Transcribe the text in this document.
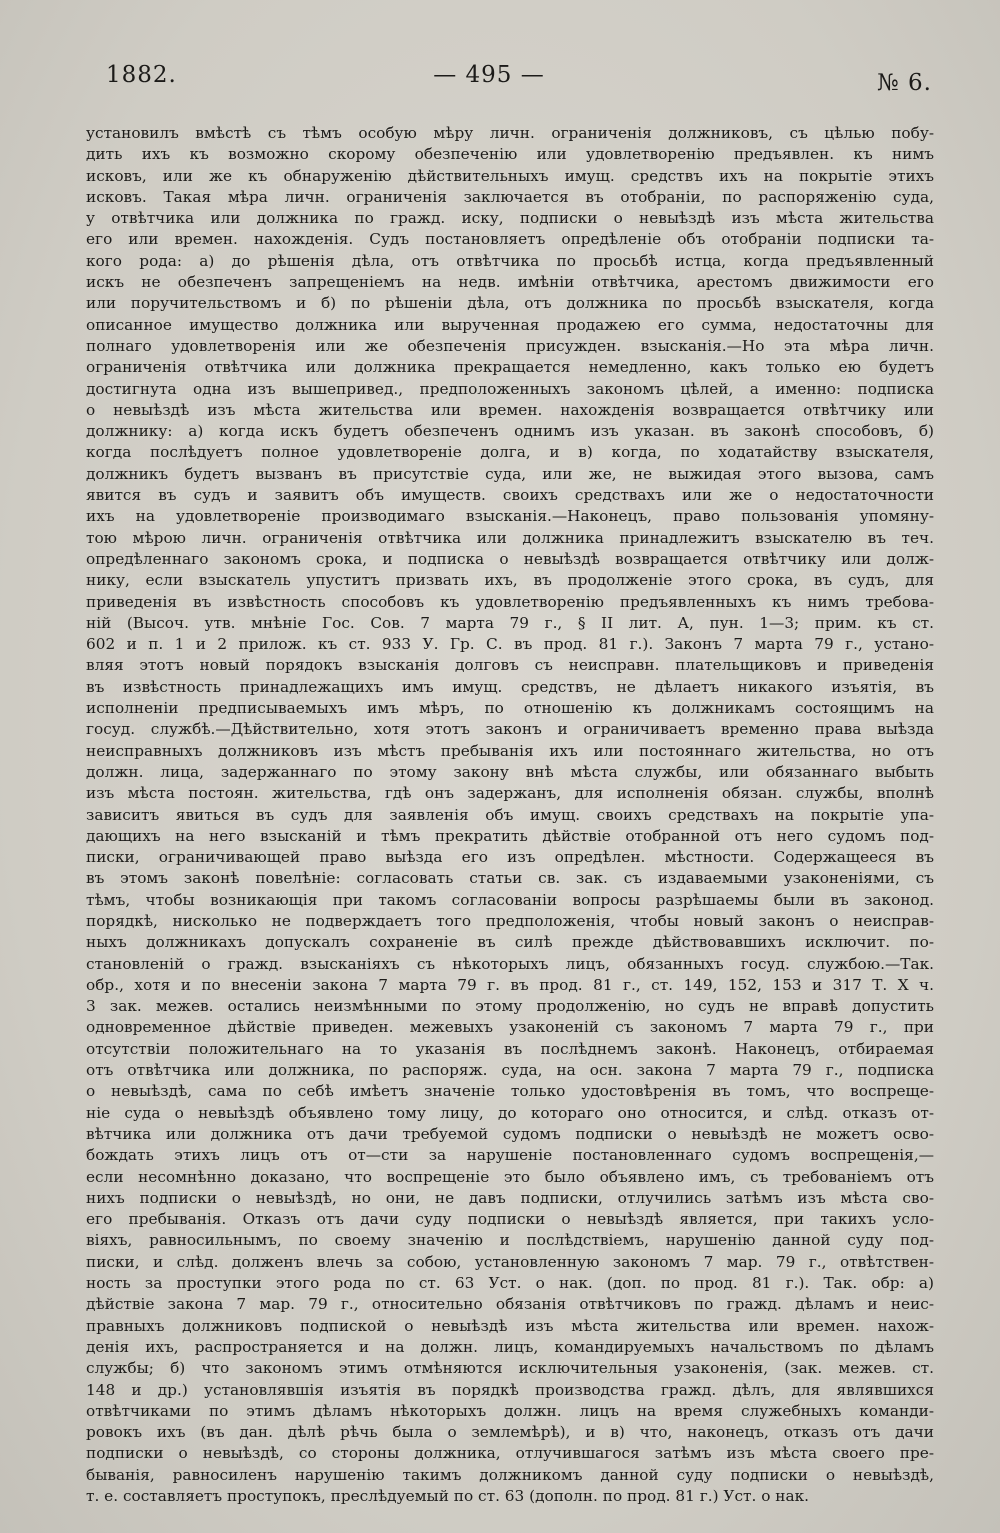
1882.	— 495 —	№ 6.
установилъ вмѣстѣ съ тѣмъ особую мѣру личн. ограниченія должниковъ, съ цѣлью побу-
дить ихъ къ возможно скорому обезпеченію или удовлетворенію предъявлен. къ нимъ
исковъ, или же къ обнаруженію дѣйствительныхъ имущ. средствъ ихъ на покрытіе этихъ
исковъ. Такая мѣра личн. ограниченія заключается въ отобраніи, по распоряженію суда,
у отвѣтчика или должника по гражд. иску, подписки о невыѣздѣ изъ мѣста жительства
его или времен. нахожденія. Судъ постановляетъ опредѣленіе объ отобраніи подписки та-
кого рода: а) до рѣшенія дѣла, отъ отвѣтчика по просьбѣ истца, когда предъявленный
искъ не обезпеченъ запрещеніемъ на недв. имѣніи отвѣтчика, арестомъ движимости его
или поручительствомъ и б) по рѣшеніи дѣла, отъ должника по просьбѣ взыскателя, когда
описанное имущество должника или вырученная продажею его сумма, недостаточны для
полнаго удовлетворенія или же обезпеченія присужден. взысканія.—Но эта мѣра личн.
ограниченія отвѣтчика или должника прекращается немедленно, какъ только ею будетъ
достигнута одна изъ вышепривед., предположенныхъ закономъ цѣлей, а именно: подписка
о невыѣздѣ изъ мѣста жительства или времен. нахожденія возвращается отвѣтчику или
должнику: а) когда искъ будетъ обезпеченъ однимъ изъ указан. въ законѣ способовъ, б)
когда послѣдуетъ полное удовлетвореніе долга, и в) когда, по ходатайству взыскателя,
должникъ будетъ вызванъ въ присутствіе суда, или же, не выжидая этого вызова, самъ
явится въ судъ и заявитъ объ имуществ. своихъ средствахъ или же о недостаточности
ихъ на удовлетвореніе производимаго взысканія.—Наконецъ, право пользованія упомяну-
тою мѣрою личн. ограниченія отвѣтчика или должника принадлежитъ взыскателю въ теч.
опредѣленнаго закономъ срока, и подписка о невыѣздѣ возвращается отвѣтчику или долж-
нику, если взыскатель упуститъ призвать ихъ, въ продолженіе этого срока, въ судъ, для
приведенія въ извѣстность способовъ къ удовлетворенію предъявленныхъ къ нимъ требова-
ній (Высоч. утв. мнѣніе Гос. Сов. 7 марта 79 г., § II лит. А, пун. 1—3; прим. къ ст.
602 и п. 1 и 2 прилож. къ ст. 933 У. Гр. С. въ прод. 81 г.). Законъ 7 марта 79 г., устано-
вляя этотъ новый порядокъ взысканія долговъ съ неисправн. плательщиковъ и приведенія
въ извѣстность принадлежащихъ имъ имущ. средствъ, не дѣлаетъ никакого изъятія, въ
исполненіи предписываемыхъ имъ мѣръ, по отношенію къ должникамъ состоящимъ на
госуд. службѣ.—Дѣйствительно, хотя этотъ законъ и ограничиваетъ временно права выѣзда
неисправныхъ должниковъ изъ мѣстъ пребыванія ихъ или постояннаго жительства, но отъ
должн. лица, задержаннаго по этому закону внѣ мѣста службы, или обязаннаго выбыть
изъ мѣста постоян. жительства, гдѣ онъ задержанъ, для исполненія обязан. службы, вполнѣ
зависитъ явиться въ судъ для заявленія объ имущ. своихъ средствахъ на покрытіе упа-
дающихъ на него взысканій и тѣмъ прекратить дѣйствіе отобранной отъ него судомъ под-
писки, ограничивающей право выѣзда его изъ опредѣлен. мѣстности. Содержащееся въ
въ этомъ законѣ повелѣніе: согласовать статьи св. зак. съ издаваемыми узаконеніями, съ
тѣмъ, чтобы возникающія при такомъ согласованіи вопросы разрѣшаемы были въ законод.
порядкѣ, нисколько не подверждаетъ того предположенія, чтобы новый законъ о неисправ-
ныхъ должникахъ допускалъ сохраненіе въ силѣ прежде дѣйствовавшихъ исключит. по-
становленій о гражд. взысканіяхъ съ нѣкоторыхъ лицъ, обязанныхъ госуд. службою.—Так.
обр., хотя и по внесеніи закона 7 марта 79 г. въ прод. 81 г., ст. 149, 152, 153 и 317 Т. X ч.
3 зак. межев. остались неизмѣнными по этому продолженію, но судъ не вправѣ допустить
одновременное дѣйствіе приведен. межевыхъ узаконеній съ закономъ 7 марта 79 г., при
отсутствіи положительнаго на то указанія въ послѣднемъ законѣ. Наконецъ, отбираемая
отъ отвѣтчика или должника, по распоряж. суда, на осн. закона 7 марта 79 г., подписка
о невыѣздѣ, сама по себѣ имѣетъ значеніе только удостовѣренія въ томъ, что воспреще-
ніе суда о невыѣздѣ объявлено тому лицу, до котораго оно относится, и слѣд. отказъ от-
вѣтчика или должника отъ дачи требуемой судомъ подписки о невыѣздѣ не можетъ осво-
бождать этихъ лицъ отъ от—сти за нарушеніе постановленнаго судомъ воспрещенія,—
если несомнѣнно доказано, что воспрещеніе это было объявлено имъ, съ требованіемъ отъ
нихъ подписки о невыѣздѣ, но они, не давъ подписки, отлучились затѣмъ изъ мѣста сво-
его пребыванія. Отказъ отъ дачи суду подписки о невыѣздѣ является, при такихъ усло-
віяхъ, равносильнымъ, по своему значенію и послѣдствіемъ, нарушенію данной суду под-
писки, и слѣд. долженъ влечь за собою, установленную закономъ 7 мар. 79 г., отвѣтствен-
ность за проступки этого рода по ст. 63 Уст. о нак. (доп. по прод. 81 г.). Так. обр: а)
дѣйствіе закона 7 мар. 79 г., относительно обязанія отвѣтчиковъ по гражд. дѣламъ и неис-
правныхъ должниковъ подпиской о невыѣздѣ изъ мѣста жительства или времен. нахож-
денія ихъ, распространяется и на должн. лицъ, командируемыхъ начальствомъ по дѣламъ
службы; б) что закономъ этимъ отмѣняются исключительныя узаконенія, (зак. межев. ст.
148 и др.) установлявшія изъятія въ порядкѣ производства гражд. дѣлъ, для являвшихся
отвѣтчиками по этимъ дѣламъ нѣкоторыхъ должн. лицъ на время служебныхъ команди-
ровокъ ихъ (въ дан. дѣлѣ рѣчь была о землемѣрѣ), и в) что, наконецъ, отказъ отъ дачи
подписки о невыѣздѣ, со стороны должника, отлучившагося затѣмъ изъ мѣста своего пре-
быванія, равносиленъ нарушенію такимъ должникомъ данной суду подписки о невыѣздѣ,
т. е. составляетъ проступокъ, преслѣдуемый по ст. 63 (дополн. по прод. 81 г.) Уст. о нак.
